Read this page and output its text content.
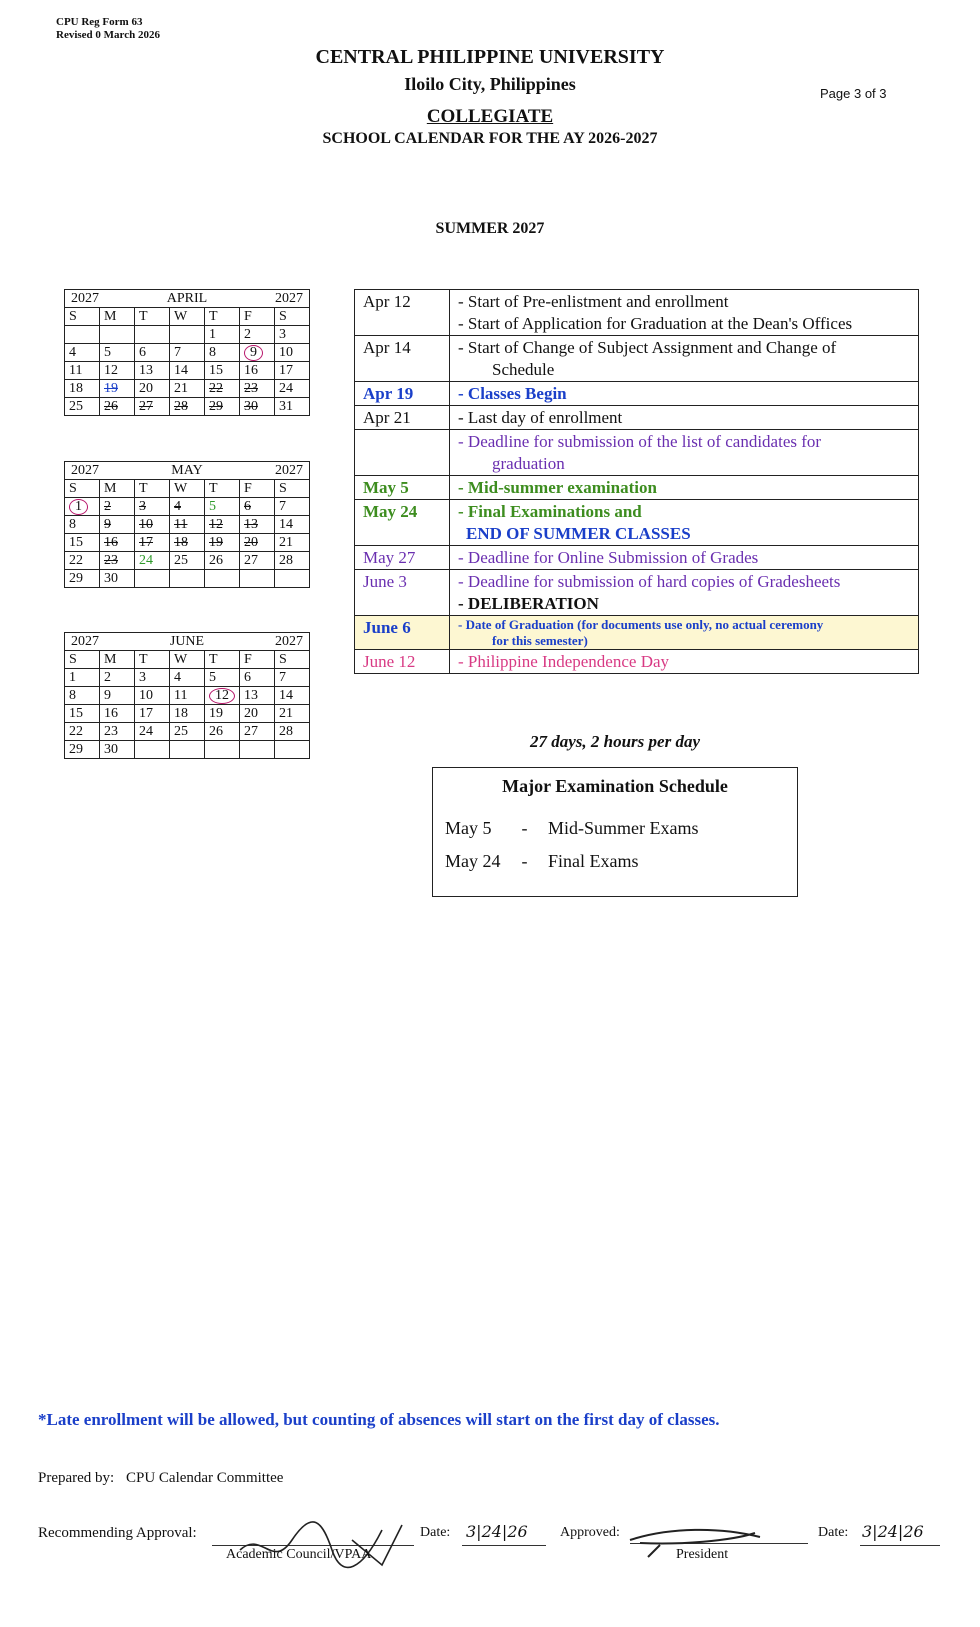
CPU Reg Form 63
Revised 0 March 2026
Page 3 of 3
CENTRAL PHILIPPINE UNIVERSITY
Iloilo City, Philippines
COLLEGIATE
SCHOOL CALENDAR FOR THE AY 2026-2027
SUMMER 2027
2027 APRIL 2027						

S	M	T	W	T	F	S
				1	2	3
4	5	6	7	8	9	10
11	12	13	14	15	16	17
18	19	20	21	22	23	24
25	26	27	28	29	30	31
2027 MAY 2027						

S	M	T	W	T	F	S
1	2	3	4	5	6	7
8	9	10	11	12	13	14
15	16	17	18	19	20	21
22	23	24	25	26	27	28
29	30					
2027 JUNE 2027						

S	M	T	W	T	F	S
1	2	3	4	5	6	7
8	9	10	11	12	13	14
15	16	17	18	19	20	21
22	23	24	25	26	27	28
29	30					
Apr 12	- Start of Pre-enlistment and enrollment
- Start of Application for Graduation at the Dean's Offices

Apr 14	- Start of Change of Subject Assignment and Change of
Schedule

Apr 19	- Classes Begin

Apr 21	- Last day of enrollment

	- Deadline for submission of the list of candidates for
graduation

May 5	- Mid-summer examination

May 24	- Final Examinations and
END OF SUMMER CLASSES

May 27	- Deadline for Online Submission of Grades

June 3	- Deadline for submission of hard copies of Gradesheets
- DELIBERATION

June 6	- Date of Graduation (for documents use only, no actual ceremony
for this semester)

June 12	- Philippine Independence Day
27 days, 2 hours per day
Major Examination Schedule
May 5 - Mid-Summer Exams
May 24 - Final Exams
*Late enrollment will be allowed, but counting of absences will start on the first day of classes.
Prepared by: CPU Calendar Committee
Recommending Approval:
Academic Council/VPAA
Date: 3|24|26 Approved:
President
Date: 3|24|26
